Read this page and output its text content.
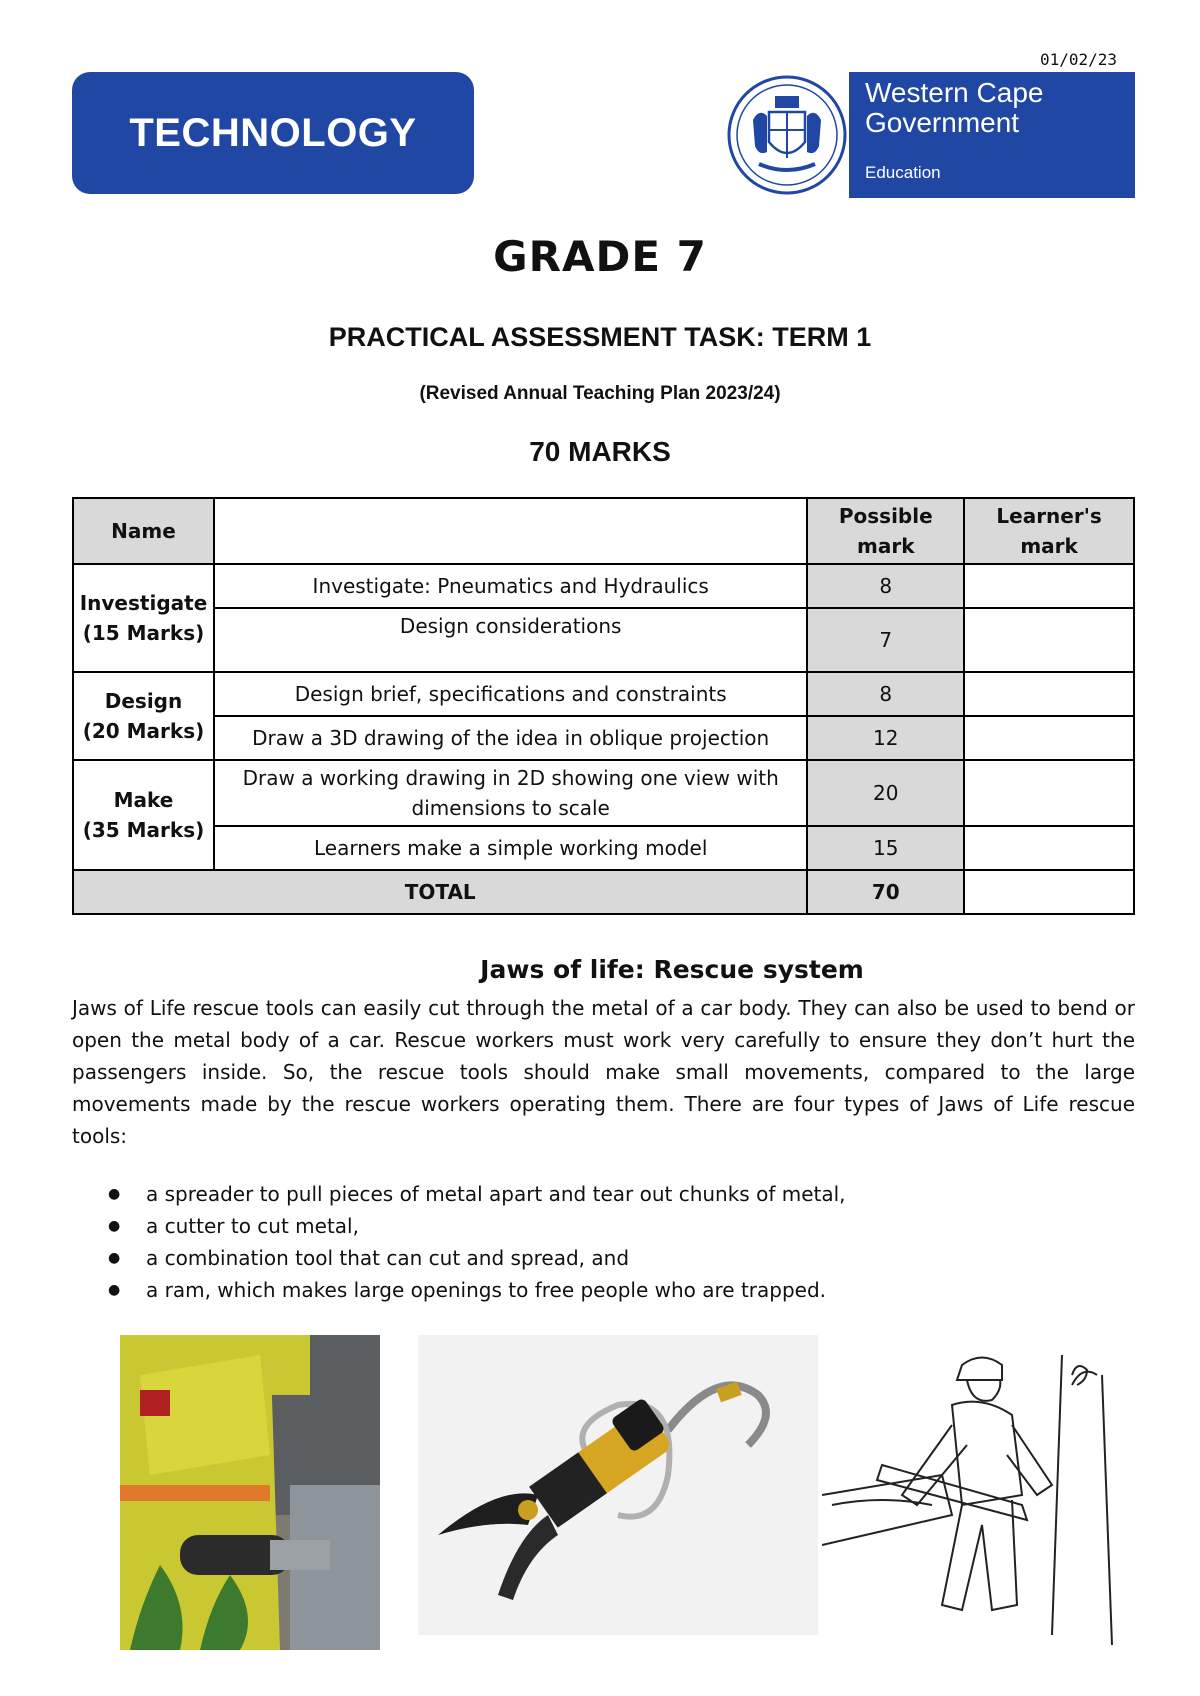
01/02/23
TECHNOLOGY
Western Cape
Government
Education
GRADE 7
PRACTICAL ASSESSMENT TASK: TERM 1
(Revised Annual Teaching Plan 2023/24)
70 MARKS
Name		Possible mark	Learner's mark

Investigate
(15 Marks)	Investigate: Pneumatics and Hydraulics	8	
	Design considerations	7	

Design
(20 Marks)	Design brief, specifications and constraints	8	
	Draw a 3D drawing of the idea in oblique projection	12	

Make
(35 Marks)	Draw a working drawing in 2D showing one view with dimensions to scale	20	
	Learners make a simple working model	15	
TOTAL		70	
Jaws of life: Rescue system

Jaws of Life rescue tools can easily cut through the metal of a car body. They can also be used to bend or open the metal body of a car. Rescue workers must work very carefully to ensure they don’t hurt the passengers inside. So, the rescue tools should make small movements, compared to the large movements made by the rescue workers operating them. There are four types of Jaws of Life rescue tools:

● a spreader to pull pieces of metal apart and tear out chunks of metal,
● a cutter to cut metal,
● a combination tool that can cut and spread, and
● a ram, which makes large openings to free people who are trapped.
